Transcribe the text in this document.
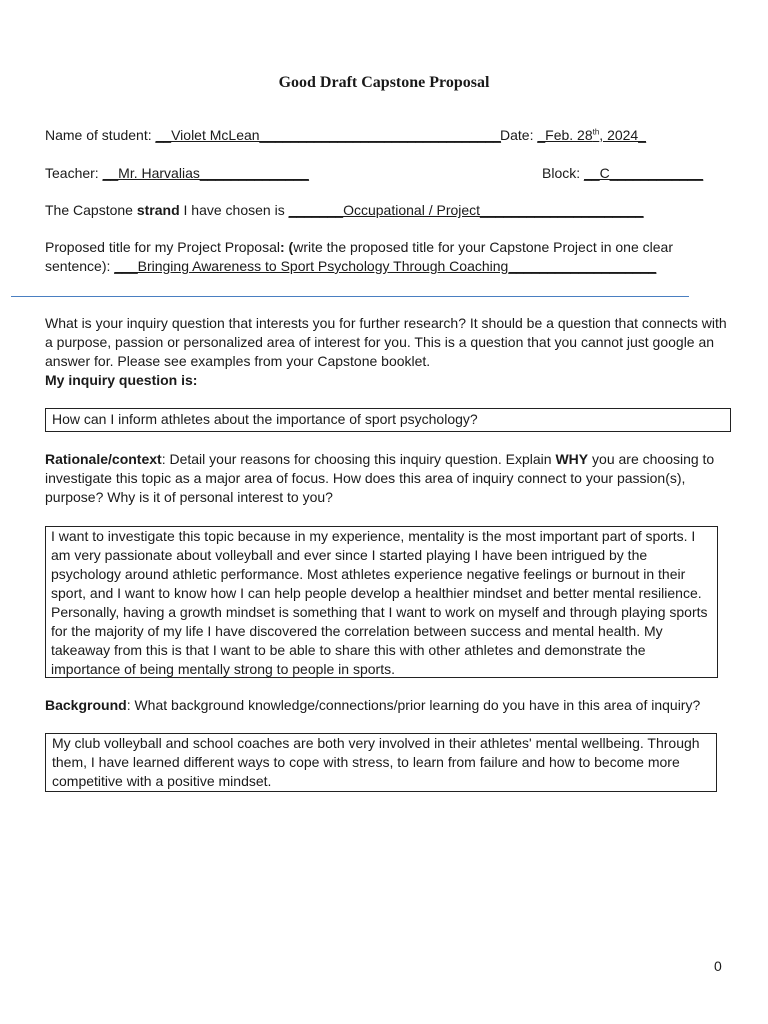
Good Draft Capstone Proposal
Name of student: __Violet McLean_______________________________ Date: _Feb. 28th, 2024_
Teacher: __Mr. Harvalias______________	Block: __C____________
The Capstone strand I have chosen is _______Occupational / Project_____________________
Proposed title for my Project Proposal: (write the proposed title for your Capstone Project in one clear
sentence): ___Bringing Awareness to Sport Psychology Through Coaching___________________
What is your inquiry question that interests you for further research? It should be a question that connects with a purpose, passion or personalized area of interest for you. This is a question that you cannot just google an answer for. Please see examples from your Capstone booklet.
My inquiry question is:
How can I inform athletes about the importance of sport psychology?
Rationale/context: Detail your reasons for choosing this inquiry question. Explain WHY you are choosing to investigate this topic as a major area of focus. How does this area of inquiry connect to your passion(s), purpose? Why is it of personal interest to you?
I want to investigate this topic because in my experience, mentality is the most important part of sports. I am very passionate about volleyball and ever since I started playing I have been intrigued by the psychology around athletic performance. Most athletes experience negative feelings or burnout in their sport, and I want to know how I can help people develop a healthier mindset and better mental resilience. Personally, having a growth mindset is something that I want to work on myself and through playing sports for the majority of my life I have discovered the correlation between success and mental health. My takeaway from this is that I want to be able to share this with other athletes and demonstrate the importance of being mentally strong to people in sports.
Background: What background knowledge/connections/prior learning do you have in this area of inquiry?
My club volleyball and school coaches are both very involved in their athletes' mental wellbeing. Through them, I have learned different ways to cope with stress, to learn from failure and how to become more competitive with a positive mindset.
0
